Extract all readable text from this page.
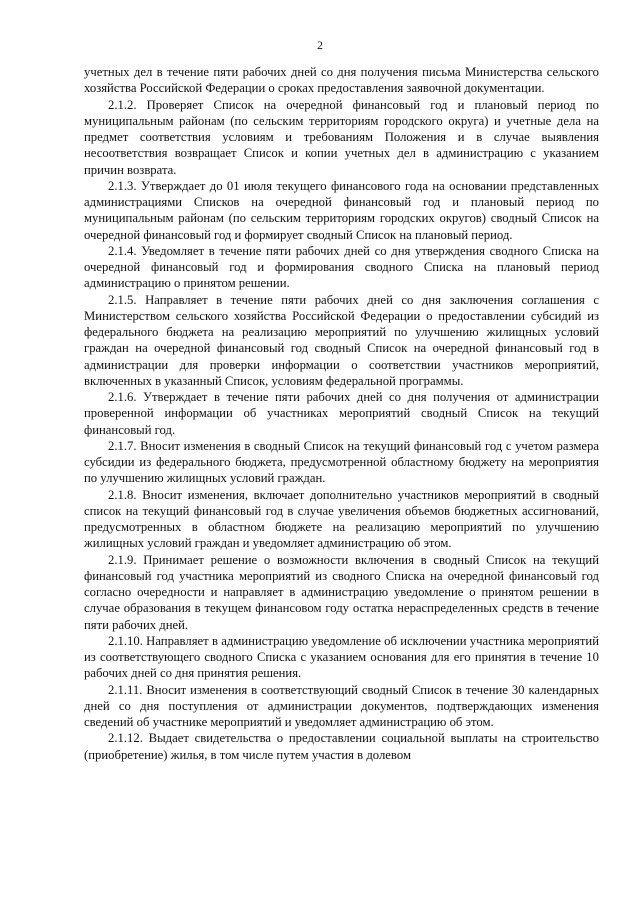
2

учетных дел в течение пяти рабочих дней со дня получения письма Министерства сельского хозяйства Российской Федерации о сроках предоставления заявочной документации.

2.1.2. Проверяет Список на очередной финансовый год и плановый период по муниципальным районам (по сельским территориям городского округа) и учетные дела на предмет соответствия условиям и требованиям Положения и в случае выявления несоответствия возвращает Список и копии учетных дел в администрацию с указанием причин возврата.

2.1.3. Утверждает до 01 июля текущего финансового года на основании представленных администрациями Списков на очередной финансовый год и плановый период по муниципальным районам (по сельским территориям городских округов) сводный Список на очередной финансовый год и формирует сводный Список на плановый период.

2.1.4. Уведомляет в течение пяти рабочих дней со дня утверждения сводного Списка на очередной финансовый год и формирования сводного Списка на плановый период администрацию о принятом решении.

2.1.5. Направляет в течение пяти рабочих дней со дня заключения соглашения с Министерством сельского хозяйства Российской Федерации о предоставлении субсидий из федерального бюджета на реализацию мероприятий по улучшению жилищных условий граждан на очередной финансовый год сводный Список на очередной финансовый год в администрации для проверки информации о соответствии участников мероприятий, включенных в указанный Список, условиям федеральной программы.

2.1.6. Утверждает в течение пяти рабочих дней со дня получения от администрации проверенной информации об участниках мероприятий сводный Список на текущий финансовый год.

2.1.7. Вносит изменения в сводный Список на текущий финансовый год с учетом размера субсидии из федерального бюджета, предусмотренной областному бюджету на мероприятия по улучшению жилищных условий граждан.

2.1.8. Вносит изменения, включает дополнительно участников мероприятий в сводный список на текущий финансовый год в случае увеличения объемов бюджетных ассигнований, предусмотренных в областном бюджете на реализацию мероприятий по улучшению жилищных условий граждан и уведомляет администрацию об этом.

2.1.9. Принимает решение о возможности включения в сводный Список на текущий финансовый год участника мероприятий из сводного Списка на очередной финансовый год согласно очередности и направляет в администрацию уведомление о принятом решении в случае образования в текущем финансовом году остатка нераспределенных средств в течение пяти рабочих дней.

2.1.10. Направляет в администрацию уведомление об исключении участника мероприятий из соответствующего сводного Списка с указанием основания для его принятия в течение 10 рабочих дней со дня принятия решения.

2.1.11. Вносит изменения в соответствующий сводный Список в течение 30 календарных дней со дня поступления от администрации документов, подтверждающих изменения сведений об участнике мероприятий и уведомляет администрацию об этом.

2.1.12. Выдает свидетельства о предоставлении социальной выплаты на строительство (приобретение) жилья, в том числе путем участия в долевом
